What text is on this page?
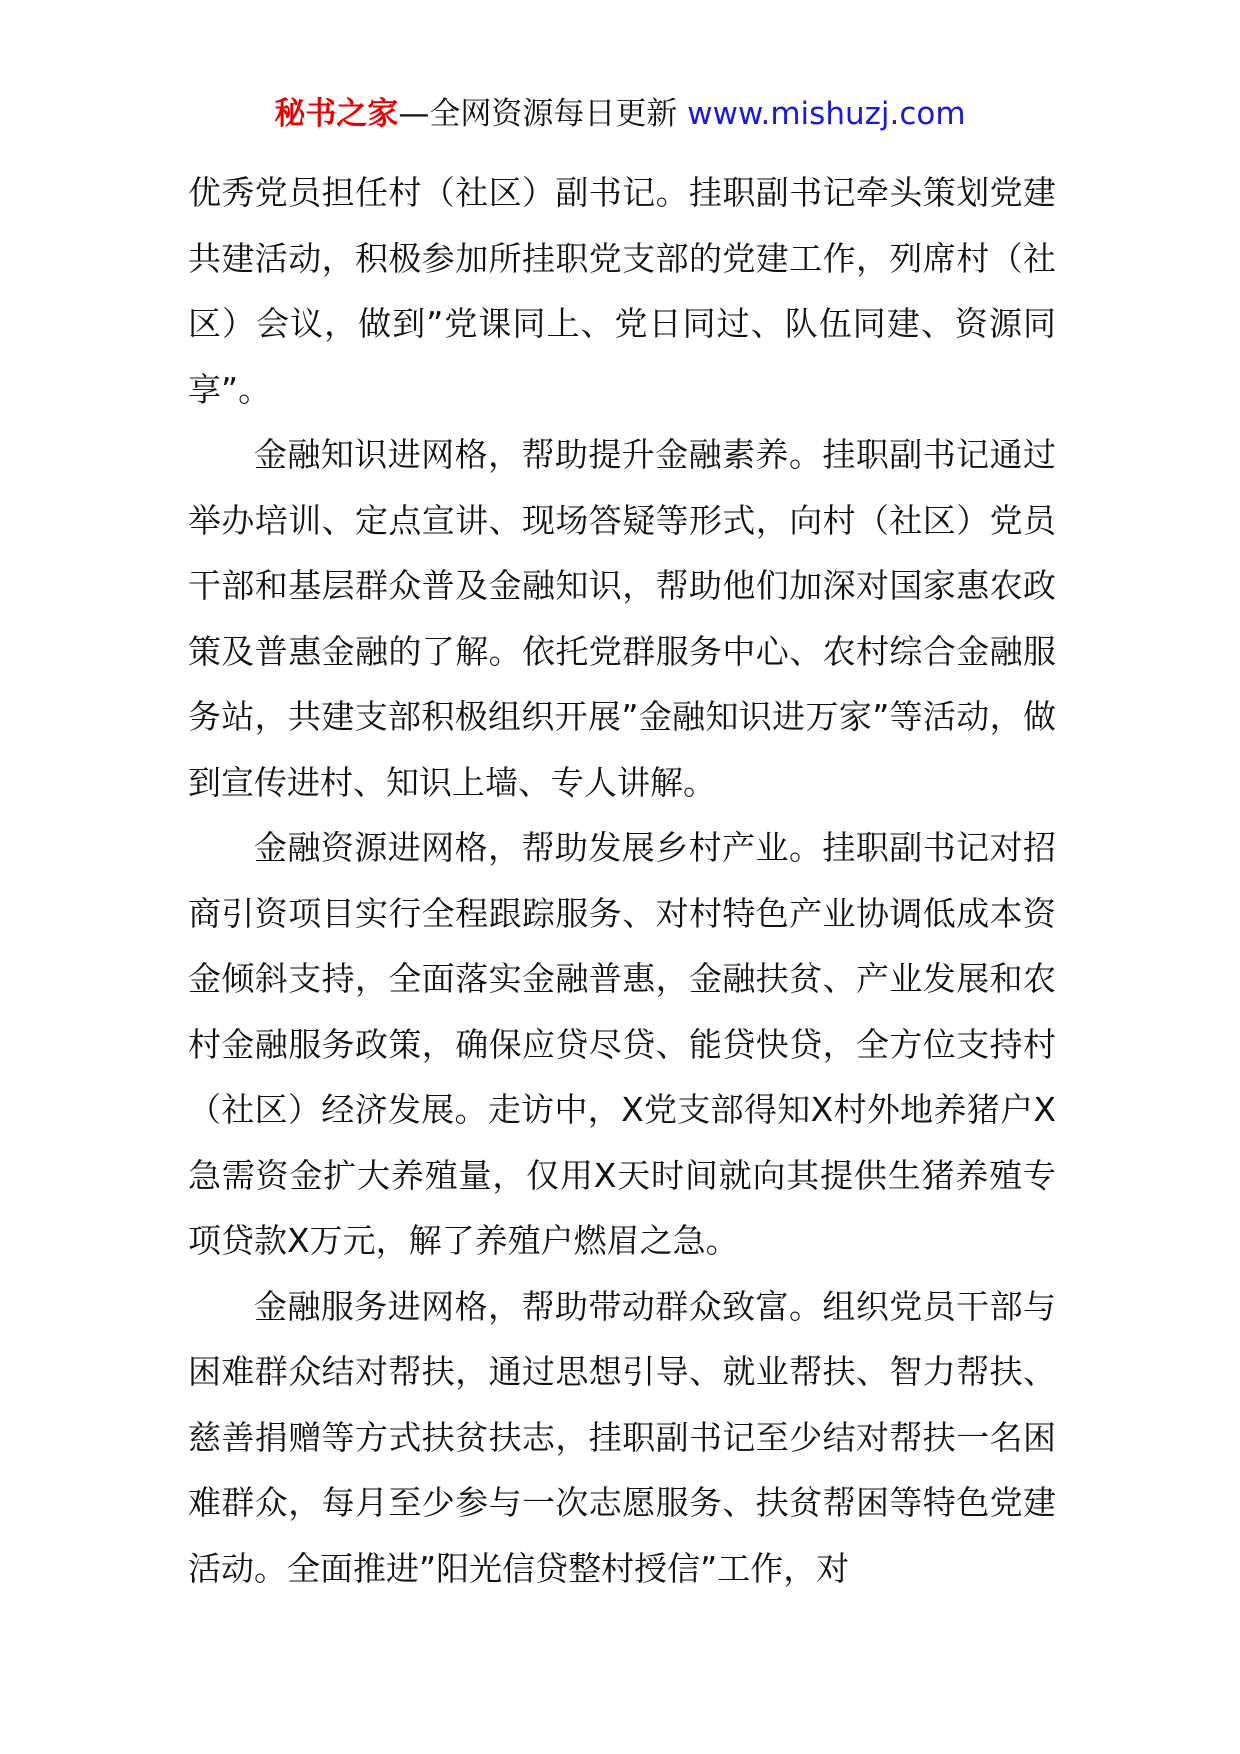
秘书之家—全网资源每日更新 www.mishuzj.com

优秀党员担任村（社区）副书记。挂职副书记牵头策划党建共建活动，积极参加所挂职党支部的党建工作，列席村（社区）会议，做到”党课同上、党日同过、队伍同建、资源同享”。

金融知识进网格，帮助提升金融素养。挂职副书记通过举办培训、定点宣讲、现场答疑等形式，向村（社区）党员干部和基层群众普及金融知识，帮助他们加深对国家惠农政策及普惠金融的了解。依托党群服务中心、农村综合金融服务站，共建支部积极组织开展”金融知识进万家”等活动，做到宣传进村、知识上墙、专人讲解。

金融资源进网格，帮助发展乡村产业。挂职副书记对招商引资项目实行全程跟踪服务、对村特色产业协调低成本资金倾斜支持，全面落实金融普惠，金融扶贫、产业发展和农村金融服务政策，确保应贷尽贷、能贷快贷，全方位支持村（社区）经济发展。走访中，X党支部得知X村外地养猪户X急需资金扩大养殖量，仅用X天时间就向其提供生猪养殖专项贷款X万元，解了养殖户燃眉之急。

金融服务进网格，帮助带动群众致富。组织党员干部与困难群众结对帮扶，通过思想引导、就业帮扶、智力帮扶、慈善捐赠等方式扶贫扶志，挂职副书记至少结对帮扶一名困难群众，每月至少参与一次志愿服务、扶贫帮困等特色党建活动。全面推进”阳光信贷整村授信”工作，对
